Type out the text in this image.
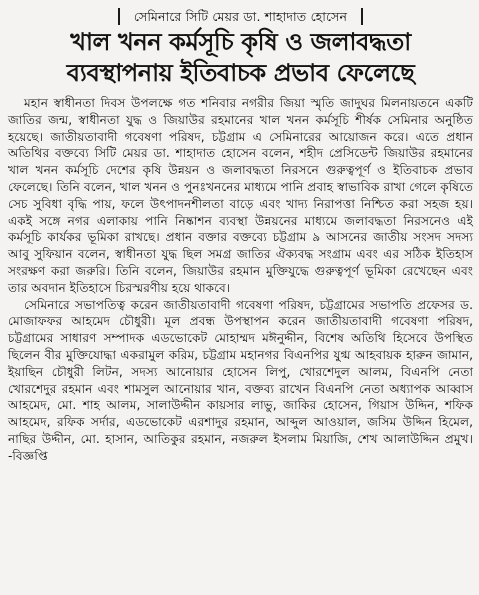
সেমিনারে সিটি মেয়র ডা. শাহাদাত হোসেন
খাল খনন কর্মসূচি কৃষি ও জলাবদ্ধতা
ব্যবস্থাপনায় ইতিবাচক প্রভাব ফেলেছে

মহান স্বাধীনতা দিবস উপলক্ষে গত শনিবার নগরীর জিয়া স্মৃতি জাদুঘর মিলনায়তনে একটি জাতির জন্ম, স্বাধীনতা যুদ্ধ ও জিয়াউর রহমানের খাল খনন কর্মসূচি শীর্ষক সেমিনার অনুষ্ঠিত হয়েছে। জাতীয়তাবাদী গবেষণা পরিষদ, চট্টগ্রাম এ সেমিনারের আয়োজন করে। এতে প্রধান অতিথির বক্তব্যে সিটি মেয়র ডা. শাহাদাত হোসেন বলেন, শহীদ প্রেসিডেন্ট জিয়াউর রহমানের খাল খনন কর্মসূচি দেশের কৃষি উন্নয়ন ও জলাবদ্ধতা নিরসনে গুরুত্বপূর্ণ ও ইতিবাচক প্রভাব ফেলেছে। তিনি বলেন, খাল খনন ও পুনঃখননের মাধ্যমে পানি প্রবাহ স্বাভাবিক রাখা গেলে কৃষিতে সেচ সুবিধা বৃদ্ধি পায়, ফলে উৎপাদনশীলতা বাড়ে এবং খাদ্য নিরাপত্তা নিশ্চিত করা সহজ হয়। একই সঙ্গে নগর এলাকায় পানি নিষ্কাশন ব্যবস্থা উন্নয়নের মাধ্যমে জলাবদ্ধতা নিরসনেও এই কর্মসূচি কার্যকর ভূমিকা রাখছে। প্রধান বক্তার বক্তব্যে চট্টগ্রাম ৯ আসনের জাতীয় সংসদ সদস্য আবু সুফিয়ান বলেন, স্বাধীনতা যুদ্ধ ছিল সমগ্র জাতির ঐক্যবদ্ধ সংগ্রাম এবং এর সঠিক ইতিহাস সংরক্ষণ করা জরুরি। তিনি বলেন, জিয়াউর রহমান মুক্তিযুদ্ধে গুরুত্বপূর্ণ ভূমিকা রেখেছেন এবং তার অবদান ইতিহাসে চিরস্মরণীয় হয়ে থাকবে।

সেমিনারে সভাপতিত্ব করেন জাতীয়তাবাদী গবেষণা পরিষদ, চট্টগ্রামের সভাপতি প্রফেসর ড. মোজাফফর আহমেদ চৌধুরী। মূল প্রবন্ধ উপস্থাপন করেন জাতীয়তাবাদী গবেষণা পরিষদ, চট্টগ্রামের সাধারণ সম্পাদক এডভোকেট মোহাম্মদ মঈনুদ্দীন, বিশেষ অতিথি হিসেবে উপস্থিত ছিলেন বীর মুক্তিযোদ্ধা একরামুল করিম, চট্টগ্রাম মহানগর বিএনপির যুগ্ম আহবায়ক হারুন জামান, ইয়াছিন চৌধুরী লিটন, সদস্য আনোয়ার হোসেন লিপু, খোরশেদুল আলম, বিএনপি নেতা খোরশেদুর রহমান এবং শামসুল আনোয়ার খান, বক্তব্য রাখেন বিএনপি নেতা অধ্যাপক আব্বাস আহমেদ, মো. শাহ আলম, সালাউদ্দীন কায়সার লাভু, জাকির হোসেন, গিয়াস উদ্দিন, শফিক আহমেদ, রফিক সর্দার, এডভোকেট এরশাদুর রহমান, আব্দুল আওয়াল, জসিম উদ্দিন হিমেল, নাছির উদ্দীন, মো. হাসান, আতিকুর রহমান, নজরুল ইসলাম মিয়াজি, শেখ আলাউদ্দিন প্রমুখ। -বিজ্ঞপ্তি
